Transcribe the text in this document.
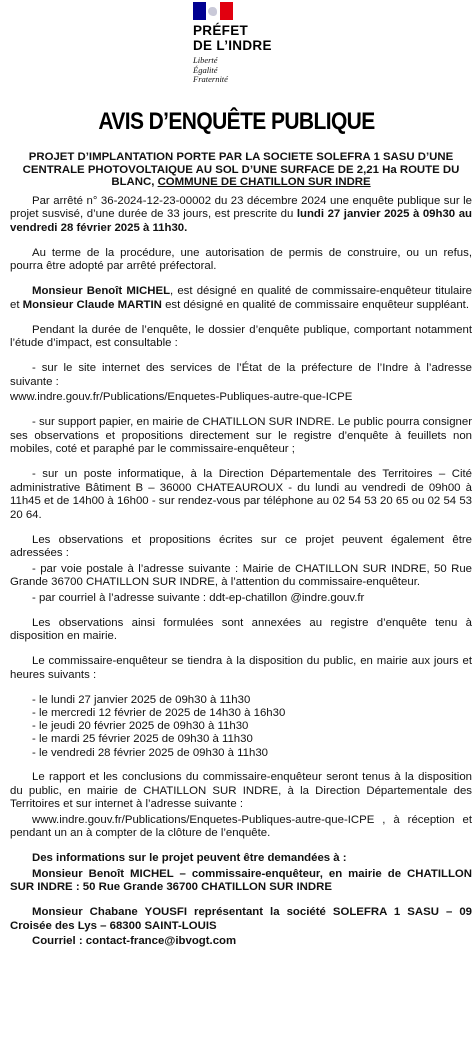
PRÉFET
DE L’INDRE
Liberté
Égalité
Fraternité
AVIS D’ENQUÊTE PUBLIQUE

PROJET D’IMPLANTATION PORTE PAR LA SOCIETE SOLEFRA 1 SASU D’UNE CENTRALE PHOTOVOLTAIQUE AU SOL D’UNE SURFACE DE 2,21 Ha ROUTE DU BLANC, COMMUNE DE CHATILLON SUR INDRE

Par arrêté n° 36-2024-12-23-00002 du 23 décembre 2024 une enquête publique sur le projet susvisé, d’une durée de 33 jours, est prescrite du lundi 27 janvier 2025 à 09h30 au vendredi 28 février 2025 à 11h30.

Au terme de la procédure, une autorisation de permis de construire, ou un refus, pourra être adopté par arrêté préfectoral.

Monsieur Benoît MICHEL, est désigné en qualité de commissaire-enquêteur titulaire et Monsieur Claude MARTIN est désigné en qualité de commissaire enquêteur suppléant.

Pendant la durée de l’enquête, le dossier d’enquête publique, comportant notamment l’étude d’impact, est consultable :

- sur le site internet des services de l’État de la préfecture de l’Indre à l’adresse suivante :

www.indre.gouv.fr/Publications/Enquetes-Publiques-autre-que-ICPE

- sur support papier, en mairie de CHATILLON SUR INDRE. Le public pourra consigner ses observations et propositions directement sur le registre d’enquête à feuillets non mobiles, coté et paraphé par le commissaire-enquêteur ;

- sur un poste informatique, à la Direction Départementale des Territoires – Cité administrative Bâtiment B – 36000 CHATEAUROUX - du lundi au vendredi de 09h00 à 11h45 et de 14h00 à 16h00 - sur rendez-vous par téléphone au 02 54 53 20 65 ou 02 54 53 20 64.

Les observations et propositions écrites sur ce projet peuvent également être adressées :

- par voie postale à l’adresse suivante : Mairie de CHATILLON SUR INDRE, 50 Rue Grande 36700 CHATILLON SUR INDRE, à l’attention du commissaire-enquêteur.

- par courriel à l’adresse suivante : ddt-ep-chatillon @indre.gouv.fr

Les observations ainsi formulées sont annexées au registre d’enquête tenu à disposition en mairie.

Le commissaire-enquêteur se tiendra à la disposition du public, en mairie aux jours et heures suivants :

- le lundi 27 janvier 2025 de 09h30 à 11h30
- le mercredi 12 février de 2025 de 14h30 à 16h30
- le jeudi 20 février 2025 de 09h30 à 11h30
- le mardi 25 février 2025 de 09h30 à 11h30
- le vendredi 28 février 2025 de 09h30 à 11h30

Le rapport et les conclusions du commissaire-enquêteur seront tenus à la disposition du public, en mairie de CHATILLON SUR INDRE, à la Direction Départementale des Territoires et sur internet à l’adresse suivante :

www.indre.gouv.fr/Publications/Enquetes-Publiques-autre-que-ICPE , à réception et pendant un an à compter de la clôture de l’enquête.

Des informations sur le projet peuvent être demandées à :

Monsieur Benoît MICHEL – commissaire-enquêteur, en mairie de CHATILLON SUR INDRE : 50 Rue Grande 36700 CHATILLON SUR INDRE

Monsieur Chabane YOUSFI représentant la société SOLEFRA 1 SASU – 09 Croisée des Lys – 68300 SAINT-LOUIS

Courriel : contact-france@ibvogt.com
